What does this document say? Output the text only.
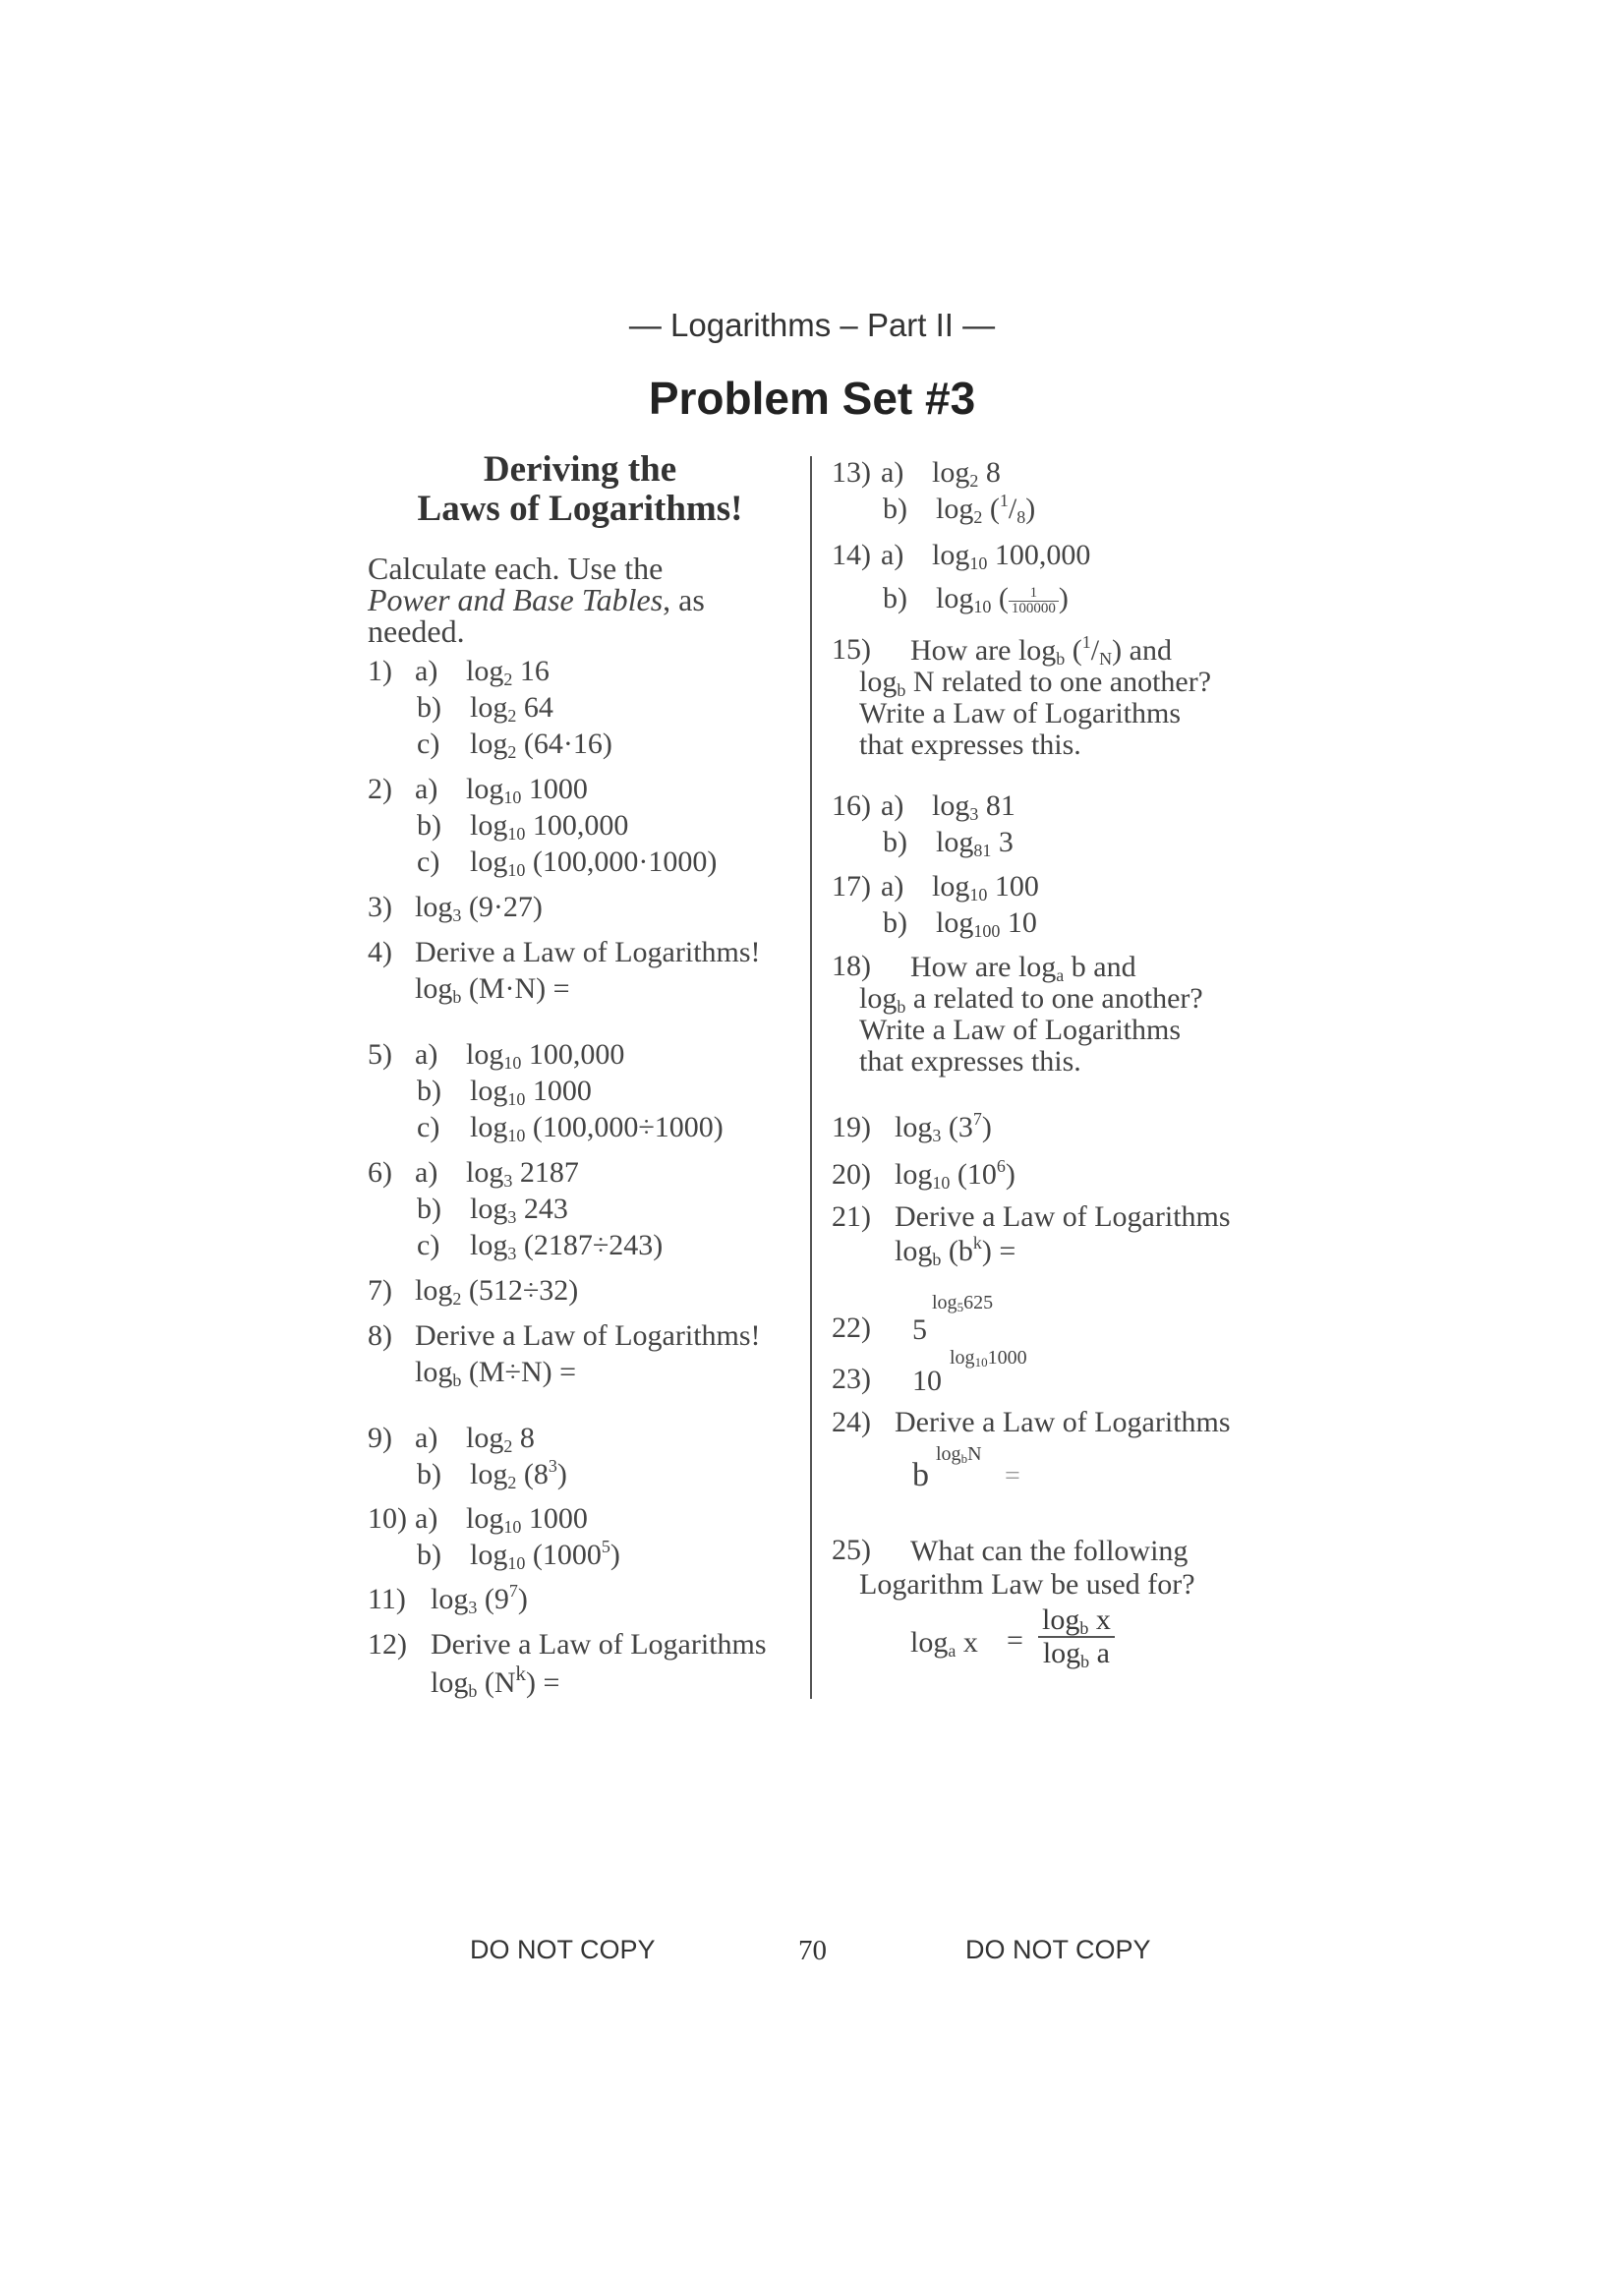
— Logarithms – Part II —
Problem Set #3
Deriving the
Laws of Logarithms!
Calculate each. Use the
Power and Base Tables, as
needed.
1) a) $\log_2 16$
b) $\log_2 64$
c) $\log_2 (64\cdot 16)$
2) a) $\log_{10} 1000$
b) $\log_{10} 100,000$
c) $\log_{10} (100,000\cdot 1000)$
3) $\log_3 (9\cdot 27)$
4) Derive a Law of Logarithms!
$\log_b (M\cdot N)$ =
5) a) $\log_{10} 100,000$
b) $\log_{10} 1000$
c) $\log_{10} (100,000\div 1000)$
6) a) $\log_3 2187$
b) $\log_3 243$
c) $\log_3 (2187\div 243)$
7) $\log_2 (512\div 32)$
8) Derive a Law of Logarithms!
$\log_b (M\div N)$ =
9) a) $\log_2 8$
b) $\log_2 (8^3)$
10) a) $\log_{10} 1000$
b) $\log_{10} (1000^5)$
11) $\log_3 (9^7)$
12) Derive a Law of Logarithms
$\log_b (N^k)$ =
13) a) $\log_2 8$
b) $\log_2 (^1/_8)$
14) a) $\log_{10} 100,000$
b) $\log_{10}$ ( $\frac{1}{100000}$ )
15) How are $\log_b (^1/_N)$ and
$\log_b N$ related to one another?
Write a Law of Logarithms
that expresses this.
16) a) $\log_3 81$
b) $\log_{81} 3$
17) a) $\log_{10} 100$
b) $\log_{100} 10$
18) How are $\log_a b$ and
$\log_b a$ related to one another?
Write a Law of Logarithms
that expresses this.
19) $\log_3 (3^7)$
20) $\log_{10} (10^6)$
21) Derive a Law of Logarithms
$\log_b (b^k)$ =
22) 5
$\log_5625$
23) 10
$\log_{10}1000$
24) Derive a Law of Logarithms
b
$\log_bN$
=
25) What can the following
Logarithm Law be used for?
$\log_a x = \frac{\log_b x}{\log_b a}$
DO NOT COPY	70	DO NOT COPY
